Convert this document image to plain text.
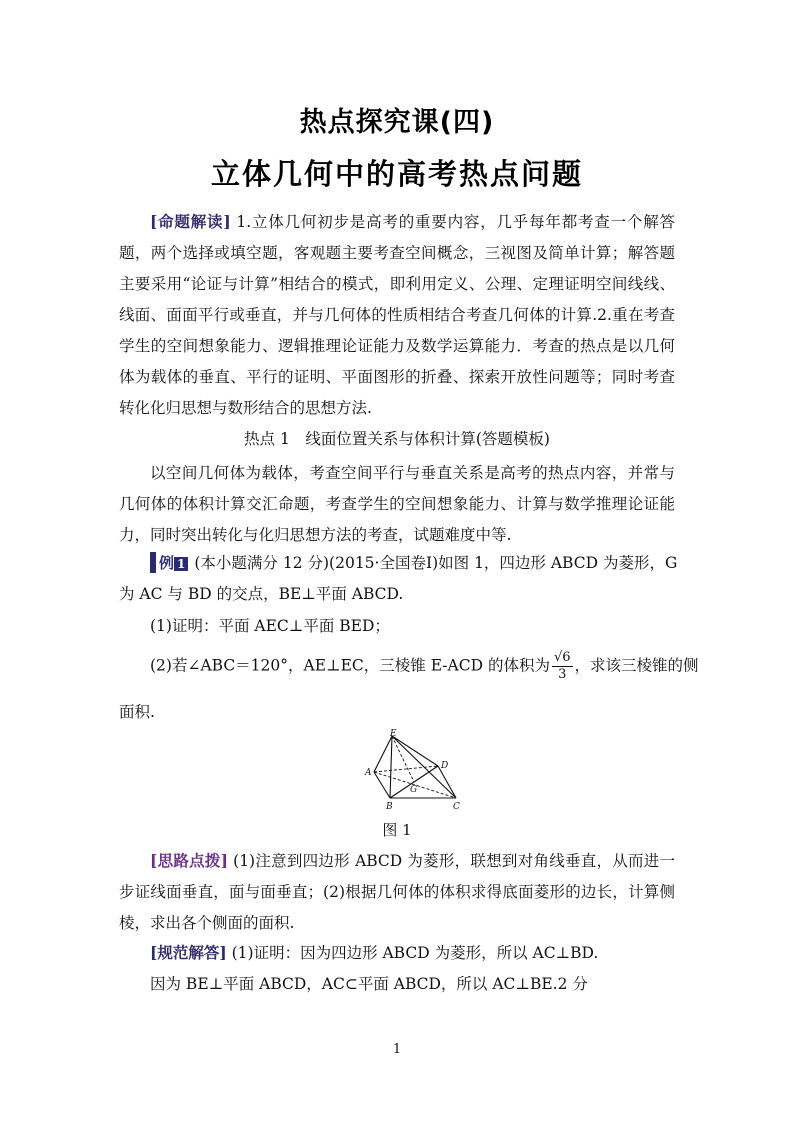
热点探究课(四)
立体几何中的高考热点问题
[命题解读] 1.立体几何初步是高考的重要内容，几乎每年都考查一个解答题，两个选择或填空题，客观题主要考查空间概念，三视图及简单计算；解答题主要采用“论证与计算”相结合的模式，即利用定义、公理、定理证明空间线线、线面、面面平行或垂直，并与几何体的性质相结合考查几何体的计算.2.重在考查学生的空间想象能力、逻辑推理论证能力及数学运算能力．考查的热点是以几何体为载体的垂直、平行的证明、平面图形的折叠、探索开放性问题等；同时考查转化化归思想与数形结合的思想方法.
热点 1　线面位置关系与体积计算(答题模板)
以空间几何体为载体，考查空间平行与垂直关系是高考的热点内容，并常与几何体的体积计算交汇命题，考查学生的空间想象能力、计算与数学推理论证能力，同时突出转化与化归思想方法的考查，试题难度中等.
例 1 (本小题满分 12 分)(2015·全国卷Ⅰ)如图 1，四边形 ABCD 为菱形，G
为 AC 与 BD 的交点，BE⊥平面 ABCD.
(1)证明：平面 AEC⊥平面 BED；
(2)若∠ABC＝120°，AE⊥EC，三棱锥 E-ACD 的体积为 $\frac{√6}{3}$ ，求该三棱锥的侧
面积.
E
A
D
G
B	C
图 1
[思路点拨] (1)注意到四边形 ABCD 为菱形，联想到对角线垂直，从而进一步证线面垂直，面与面垂直；(2)根据几何体的体积求得底面菱形的边长，计算侧棱，求出各个侧面的面积.
[规范解答] (1)证明：因为四边形 ABCD 为菱形，所以 AC⊥BD.
因为 BE⊥平面 ABCD，AC⊂平面 ABCD，所以 AC⊥BE.2 分
1
